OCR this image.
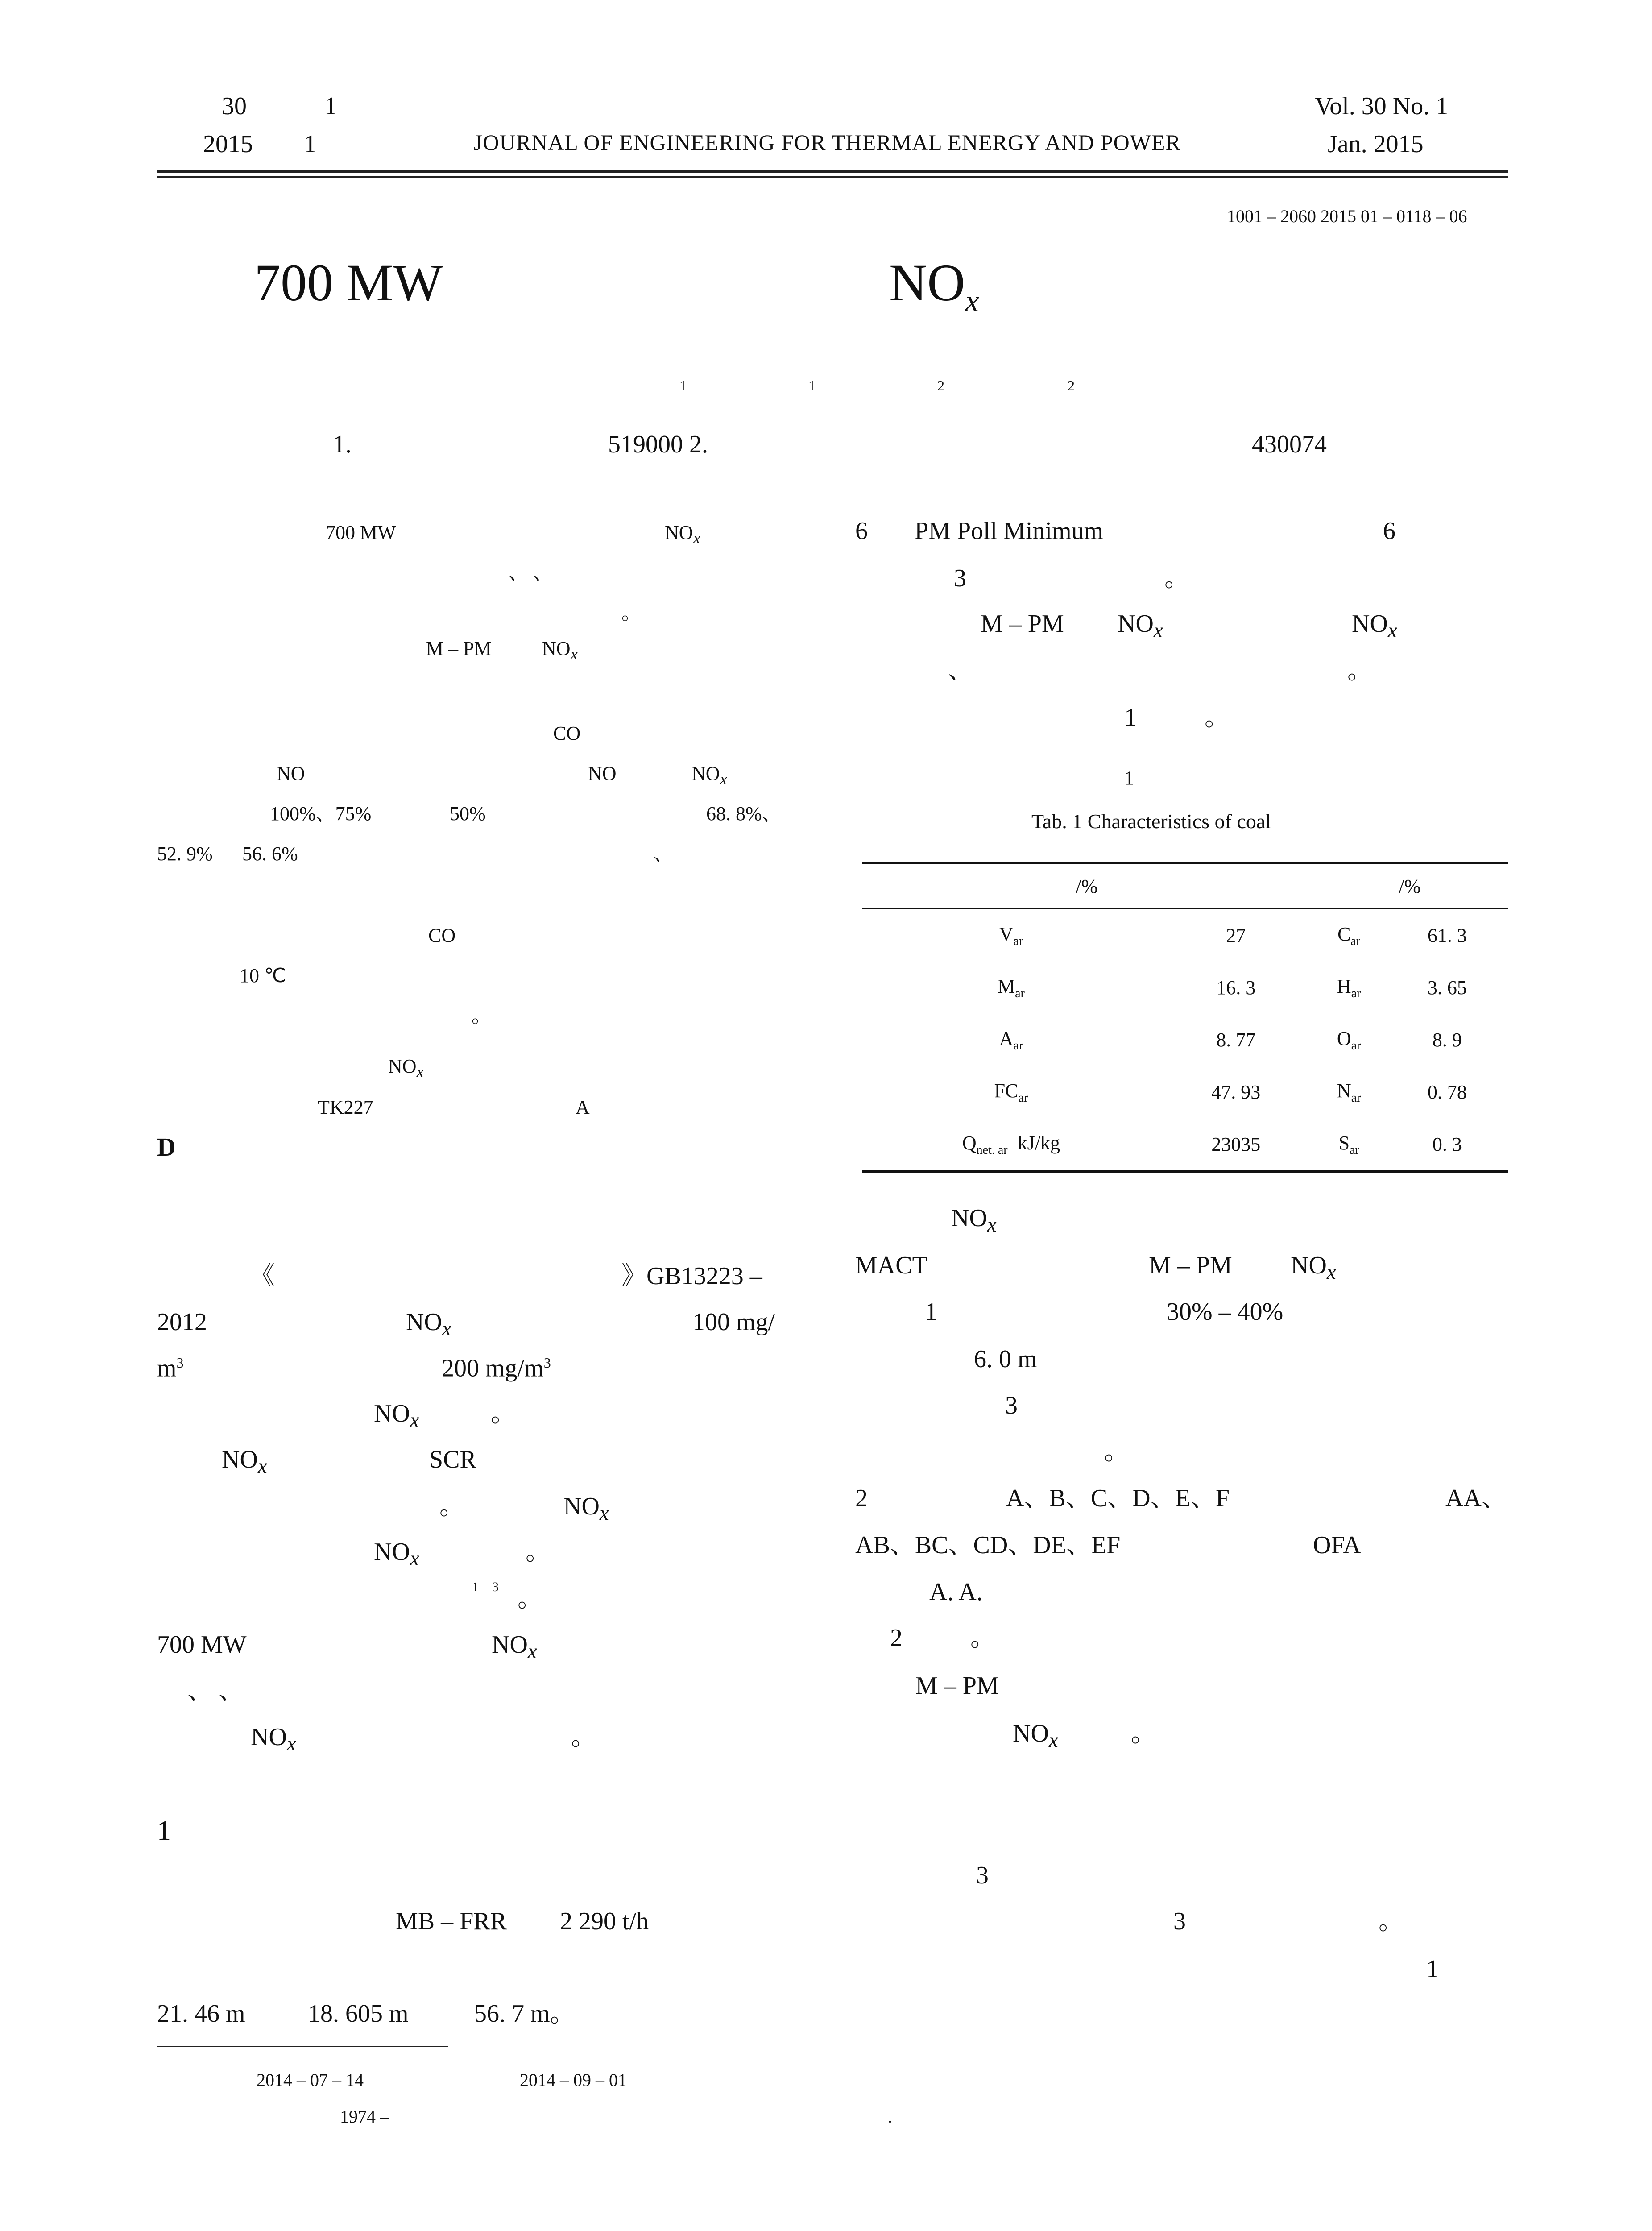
30	1
2015 1	JOURNAL OF ENGINEERING FOR THERMAL ENERGY AND POWER
Vol. 30 No. 1
Jan. 2015
1001 – 2060 2015 01 – 0118 – 06
700 MW	$NO_x$
1	1	2	2
1.	519000 2.	430074
700 MW	$NO_x$
、 、
。
M – PM	$NO_x$
CO
NO	NO	$NO_x$
100%、75%	50%	68. 8%、
52. 9% 56. 6%	、
CO
10 ℃
。
$NO_x$
TK227	A
D
《	》GB13223 –
2012	$NO_x$	100 mg/
$m^3$	200 $mg/m^3$
$NO_x$	。
$NO_x$	SCR
。	$NO_x$
$NO_x$	。
1 – 3 。
700 MW	$NO_x$
、 、
$NO_x$	。
1
MB – FRR 2 290 t/h
21. 46 m	18. 605 m	56. 7 m。
2014 – 07 – 14	2014 – 09 – 01
1974 –	.
6 PM Poll Minimum	6
3	。
M – PM $NO_x$	$NO_x$
、	。
1	。
1
Tab. 1 Characteristics of coal
/%		/%	
$V_{ar}$	27	$C_{ar}$	61. 3
$M_{ar}$	16. 3	$H_{ar}$	3. 65
$A_{ar}$	8. 77	$O_{ar}$	8. 9
$FC_{ar}$	47. 93	$N_{ar}$	0. 78
$Q_{net. ar}$  kJ/kg	23035	$S_{ar}$	0. 3
$NO_x$
MACT	M – PM $NO_x$
1	30% – 40%
6. 0 m
3
。
2	A、B、C、D、E、F	AA、
AB、BC、CD、DE、EF	OFA
A. A.
2	。
M – PM
$NO_x$	。
3
3	。
1
